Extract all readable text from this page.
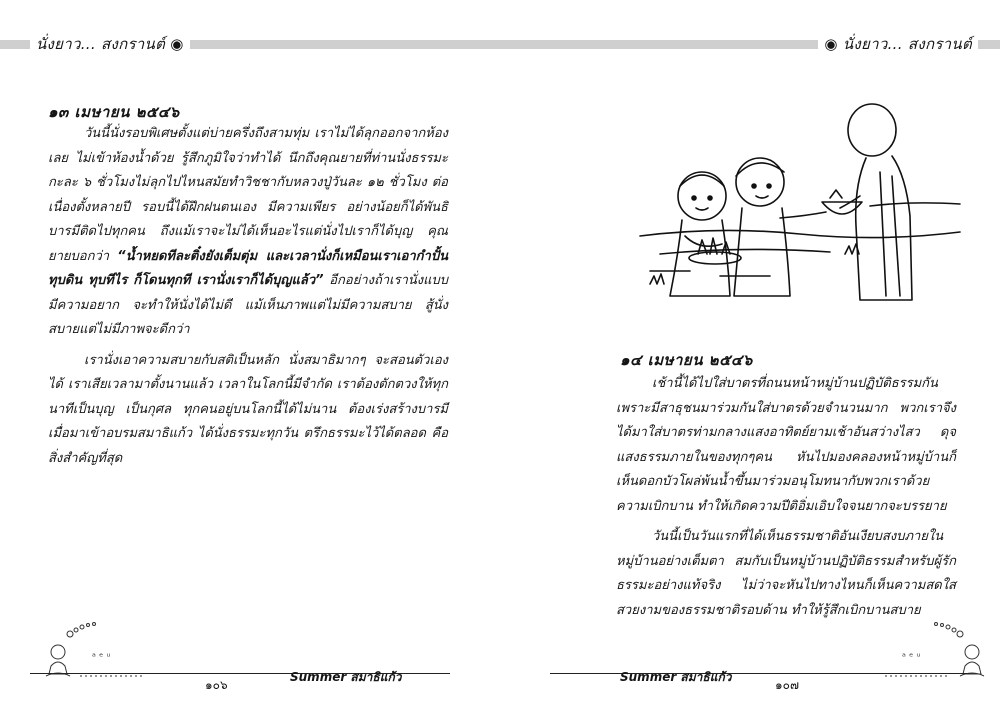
นั่งยาว... สงกรานต์ ◉
๑๓ เมษายน ๒๕๔๖

วันนี้นั่งรอบพิเศษตั้งแต่บ่ายครึ่งถึงสามทุ่ม เราไม่ได้ลุกออกจากห้องเลย ไม่เข้าห้องน้ำด้วย รู้สึกภูมิใจว่าทำได้ นึกถึงคุณยายที่ท่านนั่งธรรมะกะละ ๖ ชั่วโมงไม่ลุกไปไหนสมัยทำวิชชากับหลวงปู่วันละ ๑๒ ชั่วโมง ต่อเนื่องตั้งหลายปี รอบนี้ได้ฝึกฝนตนเอง มีความเพียร อย่างน้อยก็ได้พันธิบารมีติดไปทุกคน ถึงแม้เราจะไม่ได้เห็นอะไรแต่นั่งไปเราก็ได้บุญ คุณยายบอกว่า “น้ำหยดทีละติ๋งยังเต็มตุ่ม และเวลานั่งก็เหมือนเราเอากำปั้นทุบดิน ทุบทีไร ก็โดนทุกที เรานั่งเราก็ได้บุญแล้ว” อีกอย่างถ้าเรานั่งแบบมีความอยาก จะทำให้นั่งได้ไม่ดี แม้เห็นภาพแต่ไม่มีความสบาย สู้นั่งสบายแต่ไม่มีภาพจะดีกว่า

เรานั่งเอาความสบายกับสติเป็นหลัก นั่งสมาธิมากๆ จะสอนตัวเองได้ เราเสียเวลามาตั้งนานแล้ว เวลาในโลกนี้มีจำกัด เราต้องตักตวงให้ทุกนาทีเป็นบุญ เป็นกุศล ทุกคนอยู่บนโลกนี้ได้ไม่นาน ต้องเร่งสร้างบารมี เมื่อมาเข้าอบรมสมาธิแก้ว ได้นั่งธรรมะทุกวัน ตรึกธรรมะไว้ได้ตลอด คือสิ่งสำคัญที่สุด

ᵃ ᵉ ᵘ
๑๐๖
Summer สมาธิแก้ว
◉ นั่งยาว... สงกรานต์
๑๔ เมษายน ๒๕๔๖

เช้านี้ได้ไปใส่บาตรที่ถนนหน้าหมู่บ้านปฏิบัติธรรมกันเพราะมีสาธุชนมาร่วมกันใส่บาตรด้วยจำนวนมาก พวกเราจึงได้มาใส่บาตรท่ามกลางแสงอาทิตย์ยามเช้าอันสว่างไสว ดุจแสงธรรมภายในของทุกๆคน หันไปมองคลองหน้าหมู่บ้านก็เห็นดอกบัวโผล่พ้นน้ำขึ้นมาร่วมอนุโมทนากับพวกเราด้วยความเบิกบาน ทำให้เกิดความปีติอิ่มเอิบใจจนยากจะบรรยาย

วันนี้เป็นวันแรกที่ได้เห็นธรรมชาติอันเงียบสงบภายในหมู่บ้านอย่างเต็มตา สมกับเป็นหมู่บ้านปฏิบัติธรรมสำหรับผู้รักธรรมะอย่างแท้จริง ไม่ว่าจะหันไปทางไหนก็เห็นความสดใสสวยงามของธรรมชาติรอบด้าน ทำให้รู้สึกเบิกบานสบาย

ᵃ ᵉ ᵘ
Summer สมาธิแก้ว
๑๐๗
